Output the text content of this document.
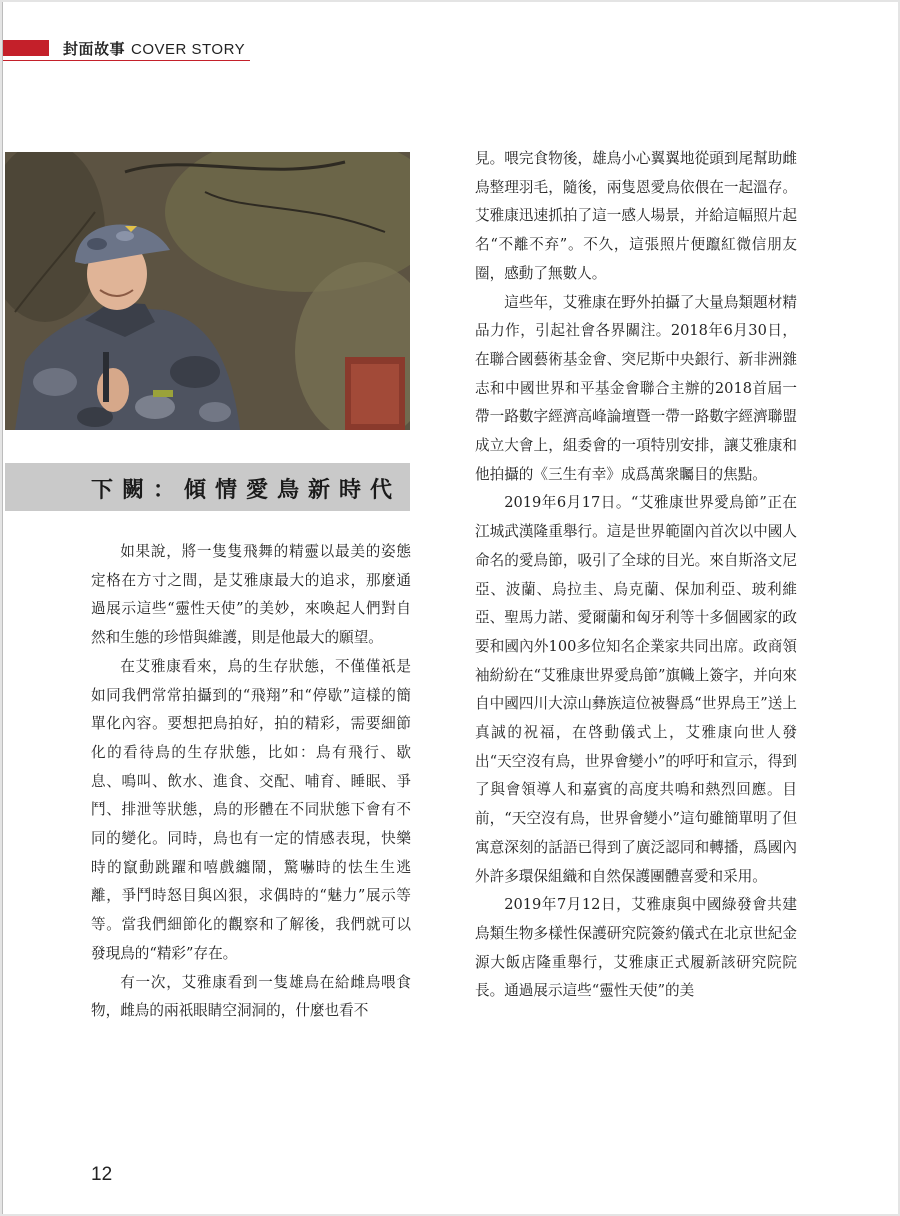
封面故事 COVER STORY
下闕：傾情愛鳥新時代

如果說，將一隻隻飛舞的精靈以最美的姿態定格在方寸之間，是艾雅康最大的追求，那麼通過展示這些“靈性天使”的美妙，來喚起人們對自然和生態的珍惜與維護，則是他最大的願望。

在艾雅康看來，鳥的生存狀態，不僅僅祇是如同我們常常拍攝到的“飛翔”和“停歇”這樣的簡單化內容。要想把鳥拍好，拍的精彩，需要細節化的看待鳥的生存狀態，比如：鳥有飛行、歇息、鳴叫、飲水、進食、交配、哺育、睡眠、爭鬥、排泄等狀態，鳥的形體在不同狀態下會有不同的變化。同時，鳥也有一定的情感表現，快樂時的竄動跳躍和嘻戲纏鬧，驚嚇時的怯生生逃離，爭鬥時怒目與凶狠，求偶時的“魅力”展示等等。當我們細節化的觀察和了解後，我們就可以發現鳥的“精彩”存在。

有一次，艾雅康看到一隻雄鳥在給雌鳥喂食物，雌鳥的兩祇眼睛空洞洞的，什麼也看不

見。喂完食物後，雄鳥小心翼翼地從頭到尾幫助雌鳥整理羽毛，隨後，兩隻恩愛鳥依偎在一起溫存。艾雅康迅速抓拍了這一感人場景，并給這幅照片起名“不離不弃”。不久，這張照片便躥紅微信朋友圈，感動了無數人。

這些年，艾雅康在野外拍攝了大量鳥類題材精品力作，引起社會各界關注。2018年6月30日，在聯合國藝術基金會、突尼斯中央銀行、新非洲雜志和中國世界和平基金會聯合主辦的2018首屆一帶一路數字經濟高峰論壇暨一帶一路數字經濟聯盟成立大會上，組委會的一項特別安排，讓艾雅康和他拍攝的《三生有幸》成爲萬衆矚目的焦點。

2019年6月17日。“艾雅康世界愛鳥節”正在江城武漢隆重舉行。這是世界範圍內首次以中國人命名的愛鳥節，吸引了全球的目光。來自斯洛文尼亞、波蘭、烏拉圭、烏克蘭、保加利亞、玻利維亞、聖馬力諾、愛爾蘭和匈牙利等十多個國家的政要和國內外100多位知名企業家共同出席。政商領袖紛紛在“艾雅康世界愛鳥節”旗幟上簽字，并向來自中國四川大涼山彝族這位被譽爲“世界鳥王”送上真誠的祝福，在啓動儀式上，艾雅康向世人發出“天空沒有鳥，世界會變小”的呼吁和宣示，得到了與會領導人和嘉賓的高度共鳴和熱烈回應。目前，“天空沒有鳥，世界會變小”這句雖簡單明了但寓意深刻的話語已得到了廣泛認同和轉播，爲國內外許多環保組織和自然保護團體喜愛和采用。

2019年7月12日，艾雅康與中國綠發會共建鳥類生物多樣性保護研究院簽約儀式在北京世紀金源大飯店隆重舉行，艾雅康正式履新該研究院院長。通過展示這些“靈性天使”的美

12
